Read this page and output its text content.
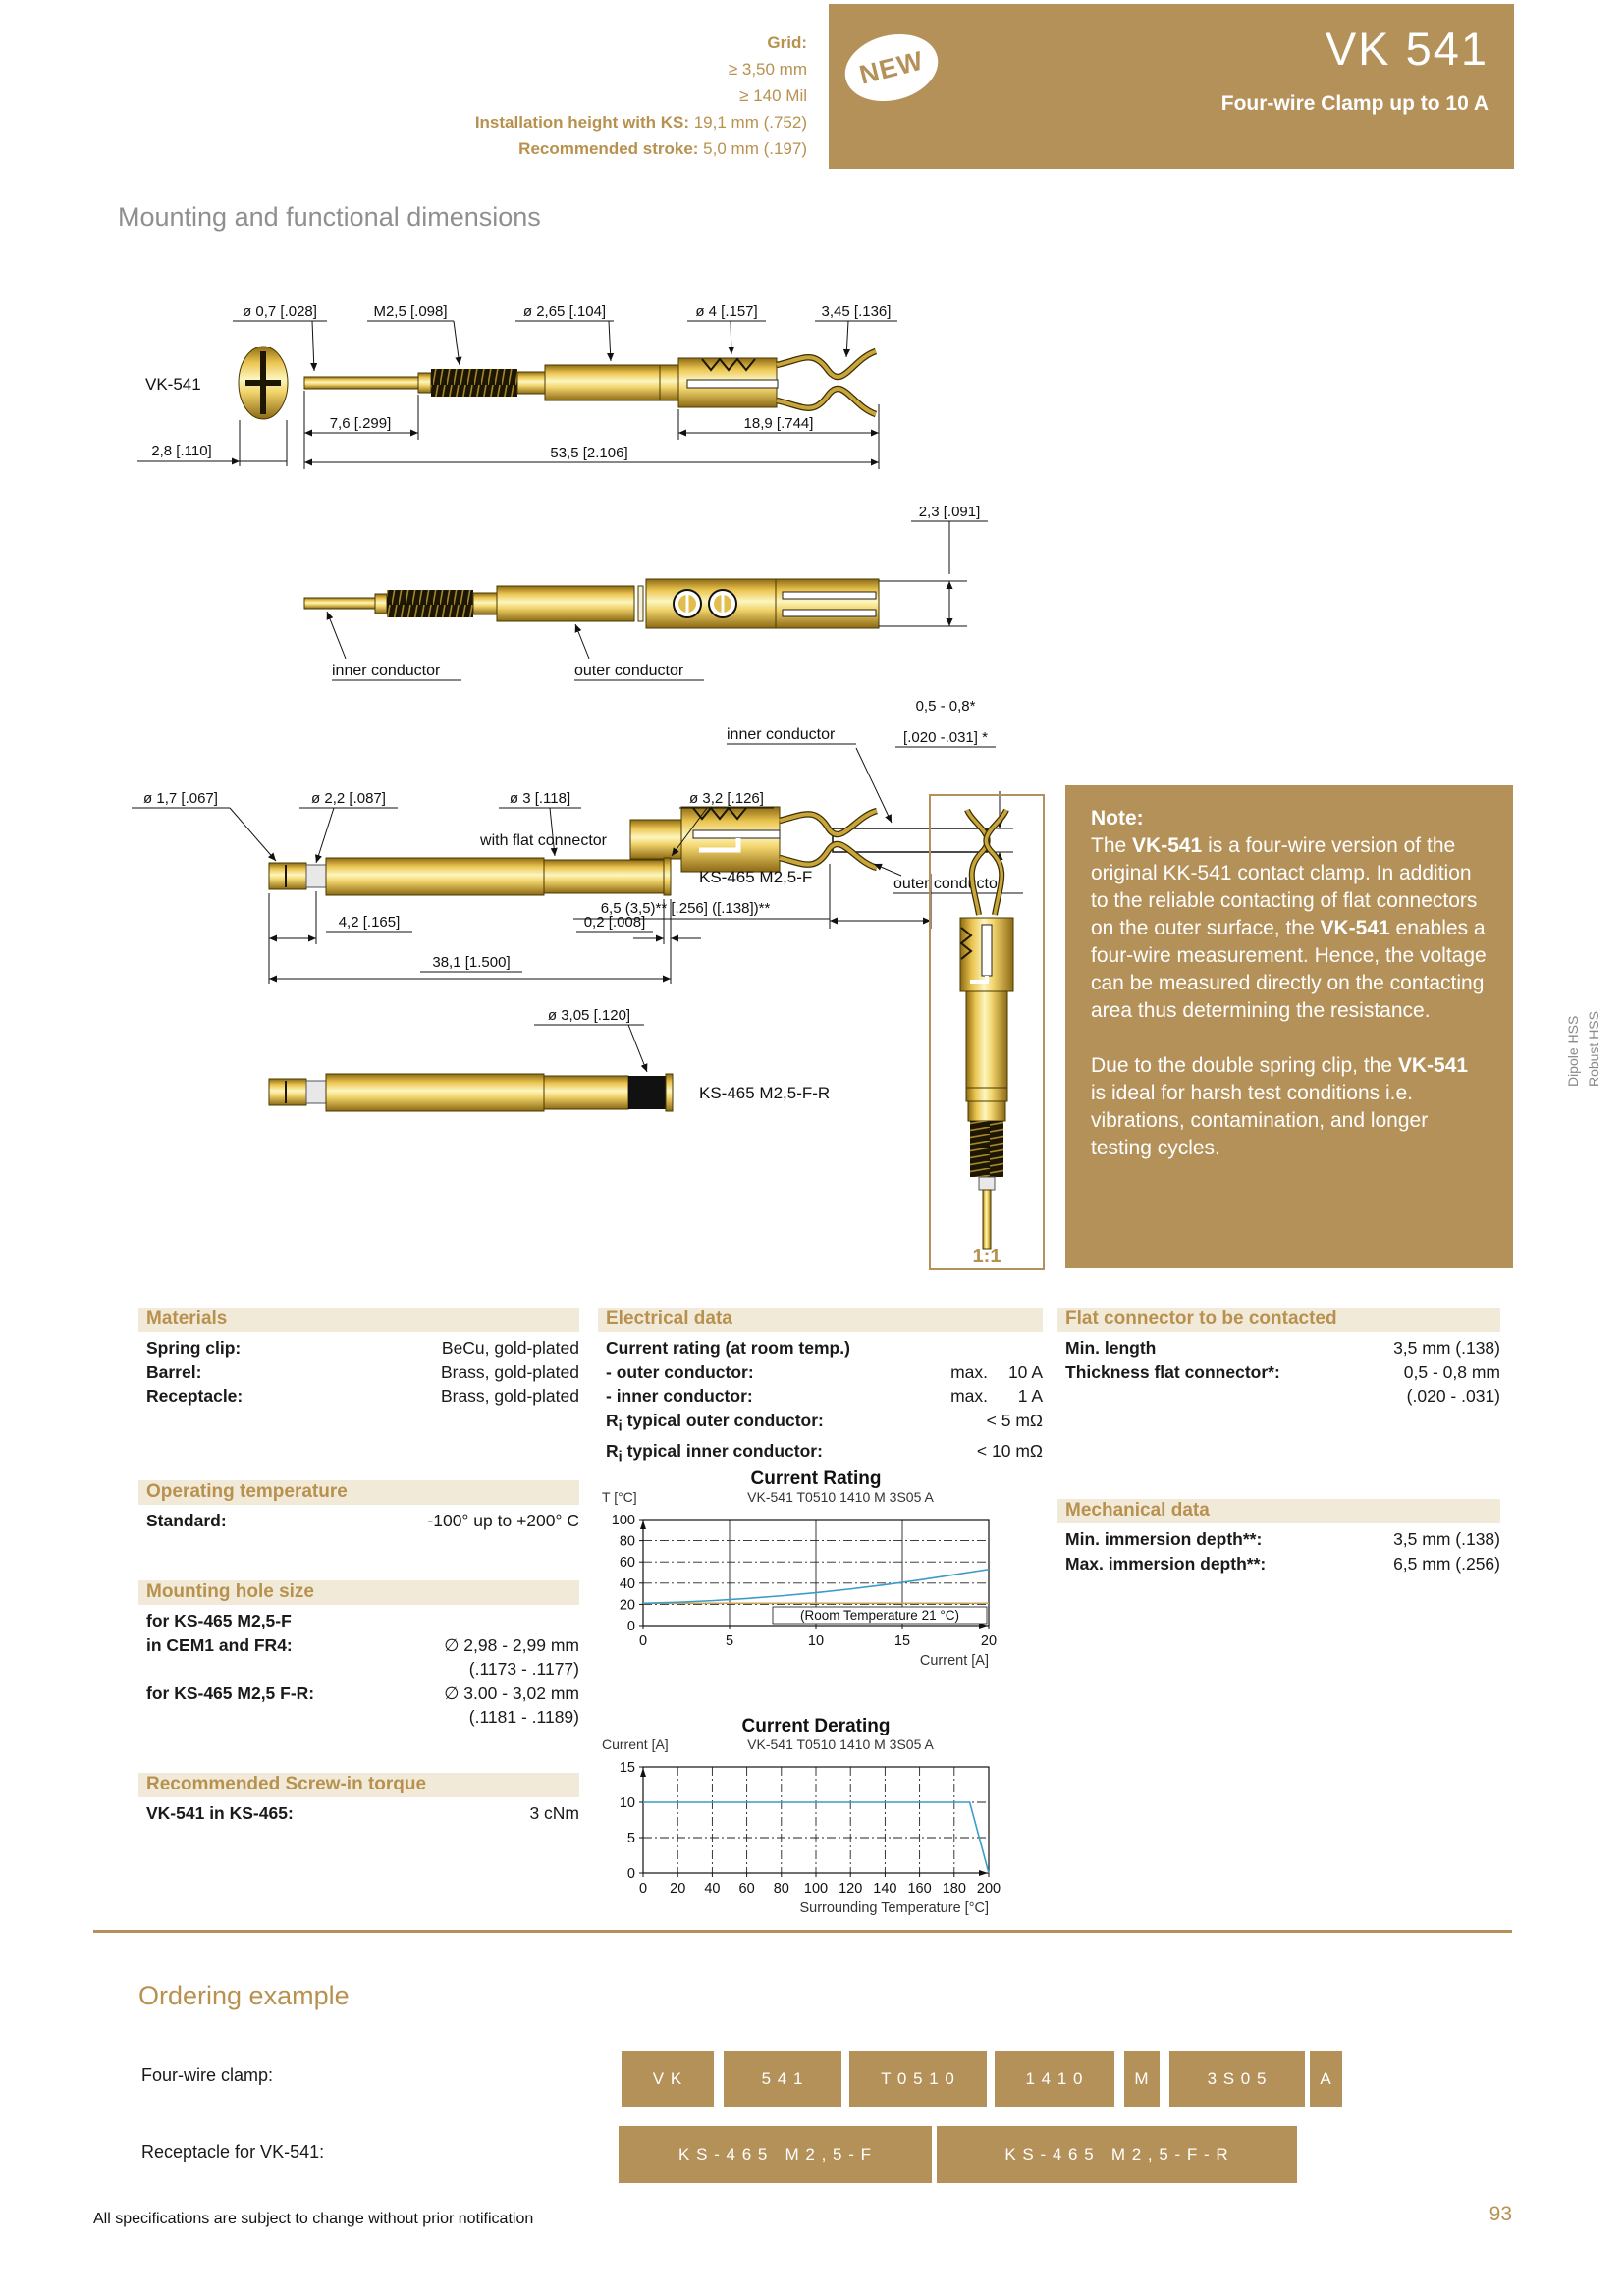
Grid:
≥ 3,50 mm
≥ 140 Mil
Installation height with KS: 19,1 mm (.752)
Recommended stroke: 5,0 mm (.197)
NEW	VK 541
Four-wire Clamp up to 10 A
Mounting and functional dimensions
VK-541
ø 0,7 [.028]	M2,5 [.098]	ø 2,65 [.104]	ø 4 [.157]	3,45 [.136]
7,6 [.299]	18,9 [.744]
2,8 [.110]	53,5 [2.106]
2,3 [.091]
inner conductor	outer conductor
with flat connector
inner conductor
0,5 - 0,8*
[.020 -.031] *
6,5 (3,5)** [.256] ([.138])**
outer conductor
ø 1,7 [.067]	ø 2,2 [.087]	ø 3 [.118]	ø 3,2 [.126]
KS-465 M2,5-F
4,2 [.165]	0,2 [.008]
38,1 [1.500]
ø 3,05 [.120]
KS-465 M2,5-F-R
1:1
Note:

The VK-541 is a four-wire version of the original KK-541 contact clamp. In addition to the reliable contacting of flat connectors on the outer surface, the VK-541 enables a four-wire measurement. Hence, the voltage can be measured directly on the contacting area thus determining the resistance.

Due to the double spring clip, the VK-541 is ideal for harsh test conditions i.e. vibrations, contamination, and longer testing cycles.

Dipole HSS Robust HSS
Materials
Spring clip:	BeCu, gold-plated
Barrel:	Brass, gold-plated
Receptacle:	Brass, gold-plated
Operating temperature
Standard:	-100° up to +200° C
Mounting hole size
for KS-465 M2,5-F
in CEM1 and FR4:	∅ 2,98 - 2,99 mm
(.1173 - .1177)
for KS-465 M2,5 F-R:	∅ 3.00 - 3,02 mm
(.1181 - .1189)
Recommended Screw-in torque
VK-541 in KS-465:	3 cNm
Electrical data
Current rating (at room temp.)
- outer conductor:	max.	10 A
- inner conductor:	max.	1 A
$R_i$ typical outer conductor:	< 5 mΩ
$R_i$ typical inner conductor:	< 10 mΩ
Current Rating
VK-541 T0510 1410 M 3S05 A
T [°C]
0
20
40
60
80
100
0	5	10	15	20
(Room Temperature 21 °C)
Current [A]
Current Derating
VK-541 T0510 1410 M 3S05 A
Current [A]
0
5
10
15
0 20 40 60 80 100 120 140 160 180 200
Surrounding Temperature [°C]
Flat connector to be contacted
Min. length	3,5 mm (.138)
Thickness flat connector*:	0,5 - 0,8 mm
(.020 - .031)
Mechanical data
Min. immersion depth**:	3,5 mm (.138)
Max. immersion depth**:	6,5 mm (.256)
Ordering example
Four-wire clamp:
Receptacle for VK-541:
V K	5 4 1	T 0 5 1 0	1 4 1 0	M	3 S 0 5	A
K S - 4 6 5   M 2 , 5 - F	K S - 4 6 5   M 2 , 5 - F - R
All specifications are subject to change without prior notification	93
